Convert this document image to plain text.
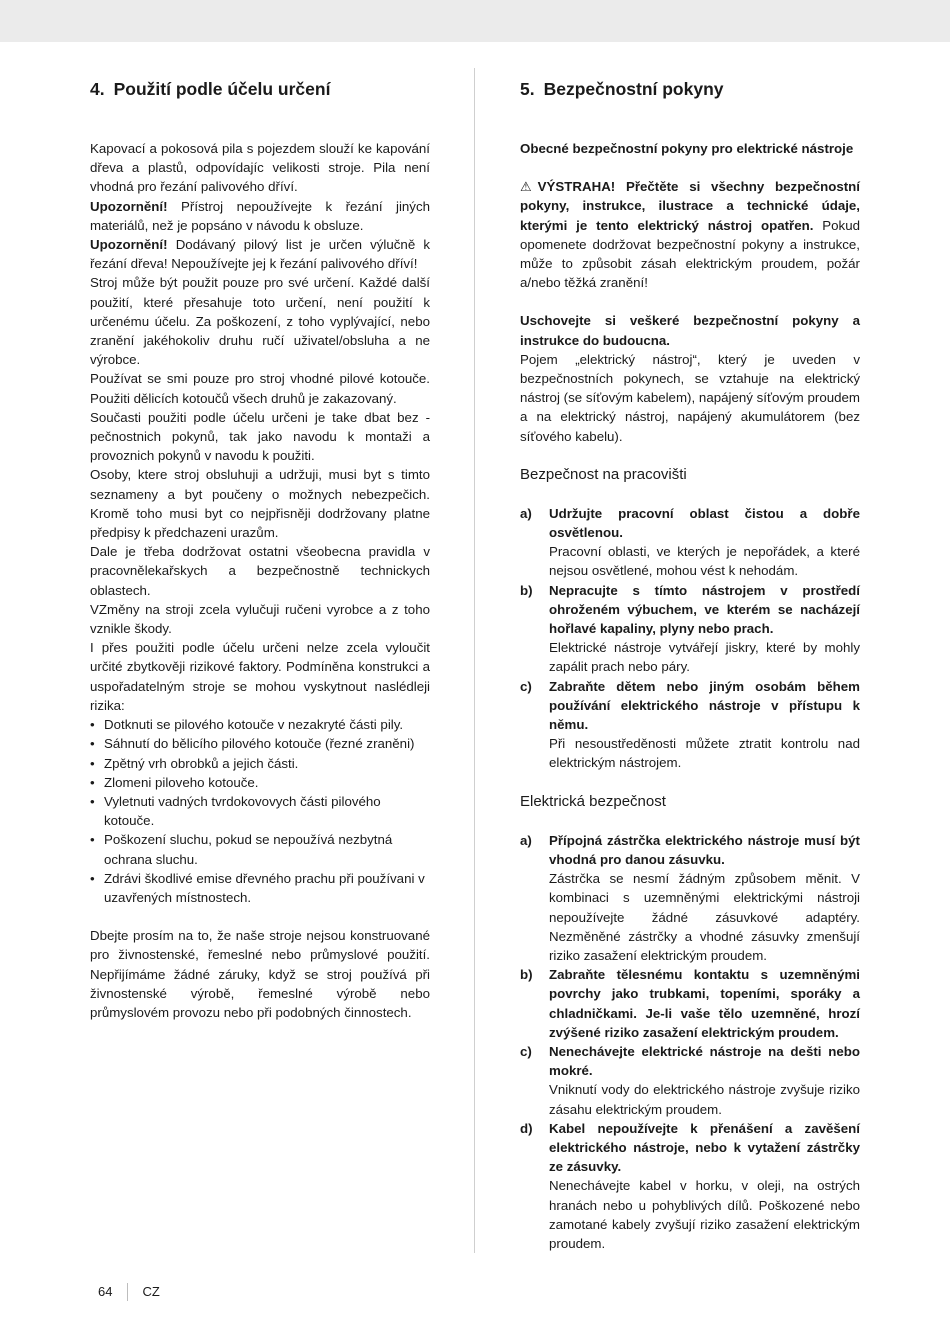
4. Použití podle účelu určení

Kapovací a pokosová pila s pojezdem slouží ke kapování dřeva a plastů, odpovídajíc velikosti stroje. Pila není vhodná pro řezání palivového dříví.

Upozornění! Přístroj nepoužívejte k řezání jiných materiálů, než je popsáno v návodu k obsluze.

Upozornění! Dodávaný pilový list je určen výlučně k řezání dřeva! Nepoužívejte jej k řezání palivového dříví!

Stroj může být použit pouze pro své určení. Každé další použití, které přesahuje toto určení, není použití k určenému účelu. Za poškození, z toho vyplývající, nebo zranění jakéhokoliv druhu ručí uživatel/obsluha a ne výrobce.

Používat se smi pouze pro stroj vhodné pilové kotouče. Použiti dělicích kotoučů všech druhů je zakazovaný.

Současti použiti podle účelu určeni je take dbat bez - pečnostnich pokynů, tak jako navodu k montaži a provoznich pokynů v navodu k použiti.

Osoby, ktere stroj obsluhuji a udržuji, musi byt s timto seznameny a byt poučeny o možnych nebezpečich. Kromě toho musi byt co nejpřisněji dodržovany platne předpisy k předchazeni urazům.

Dale je třeba dodržovat ostatni všeobecna pravidla v pracovnělekařskych a bezpečnostně technickych oblastech.

VZměny na stroji zcela vylučuji ručeni vyrobce a z toho vznikle škody.

I přes použiti podle účelu určeni nelze zcela vyloučit určité zbytkověji rizikové faktory. Podmíněna konstrukci a uspořadatelným stroje se mohou vyskytnout naslédleji rizika:

• Dotknuti se pilového kotouče v nezakryté části pily.
• Sáhnutí do bělicího pilového kotouče (řezné zraněni)
• Zpětný vrh obrobků a jejich části.
• Zlomeni piloveho kotouče.
• Vyletnuti vadných tvrdokovovych části pilového kotouče.
• Poškození sluchu, pokud se nepoužívá nezbytná ochrana sluchu.
• Zdrávi škodlivé emise dřevného prachu při používani v uzavřených místnostech.

Dbejte prosím na to, že naše stroje nejsou konstruované pro živnostenské, řemeslné nebo průmyslové použití. Nepřijímáme žádné záruky, když se stroj používá při živnostenské výrobě, řemeslné výrobě nebo průmyslovém provozu nebo při podobných činnostech.

5. Bezpečnostní pokyny

Obecné bezpečnostní pokyny pro elektrické nástroje

⚠ VÝSTRAHA! Přečtěte si všechny bezpečnostní pokyny, instrukce, ilustrace a technické údaje, kterými je tento elektrický nástroj opatřen. Pokud opomenete dodržovat bezpečnostní pokyny a instrukce, může to způsobit zásah elektrickým proudem, požár a/nebo těžká zranění!

Uschovejte si veškeré bezpečnostní pokyny a instrukce do budoucna.

Pojem „elektrický nástroj“, který je uveden v bezpečnostních pokynech, se vztahuje na elektrický nástroj (se síťovým kabelem), napájený síťovým proudem a na elektrický nástroj, napájený akumulátorem (bez síťového kabelu).

Bezpečnost na pracovišti
a) Udržujte pracovní oblast čistou a dobře osvětlenou.
Pracovní oblasti, ve kterých je nepořádek, a které nejsou osvětlené, mohou vést k nehodám.
b) Nepracujte s tímto nástrojem v prostředí ohroženém výbuchem, ve kterém se nacházejí hořlavé kapaliny, plyny nebo prach.
Elektrické nástroje vytvářejí jiskry, které by mohly zapálit prach nebo páry.
c) Zabraňte dětem nebo jiným osobám během používání elektrického nástroje v přístupu k němu.
Při nesoustředěnosti můžete ztratit kontrolu nad elektrickým nástrojem.
Elektrická bezpečnost
a) Přípojná zástrčka elektrického nástroje musí být vhodná pro danou zásuvku.
Zástrčka se nesmí žádným způsobem měnit. V kombinaci s uzemněnými elektrickými nástroji nepoužívejte žádné zásuvkové adaptéry. Nezměněné zástrčky a vhodné zásuvky zmenšují riziko zasažení elektrickým proudem.
b) Zabraňte tělesnému kontaktu s uzemněnými povrchy jako trubkami, topeními, sporáky a chladničkami. Je-li vaše tělo uzemněné, hrozí zvýšené riziko zasažení elektrickým proudem.
c) Nenechávejte elektrické nástroje na dešti nebo mokré.
Vniknutí vody do elektrického nástroje zvyšuje riziko zásahu elektrickým proudem.
d) Kabel nepoužívejte k přenášení a zavěšení elektrického nástroje, nebo k vytažení zástrčky ze zásuvky.
Nenechávejte kabel v horku, v oleji, na ostrých hranách nebo u pohyblivých dílů. Poškozené nebo zamotané kabely zvyšují riziko zasažení elektrickým proudem.
64 CZ
